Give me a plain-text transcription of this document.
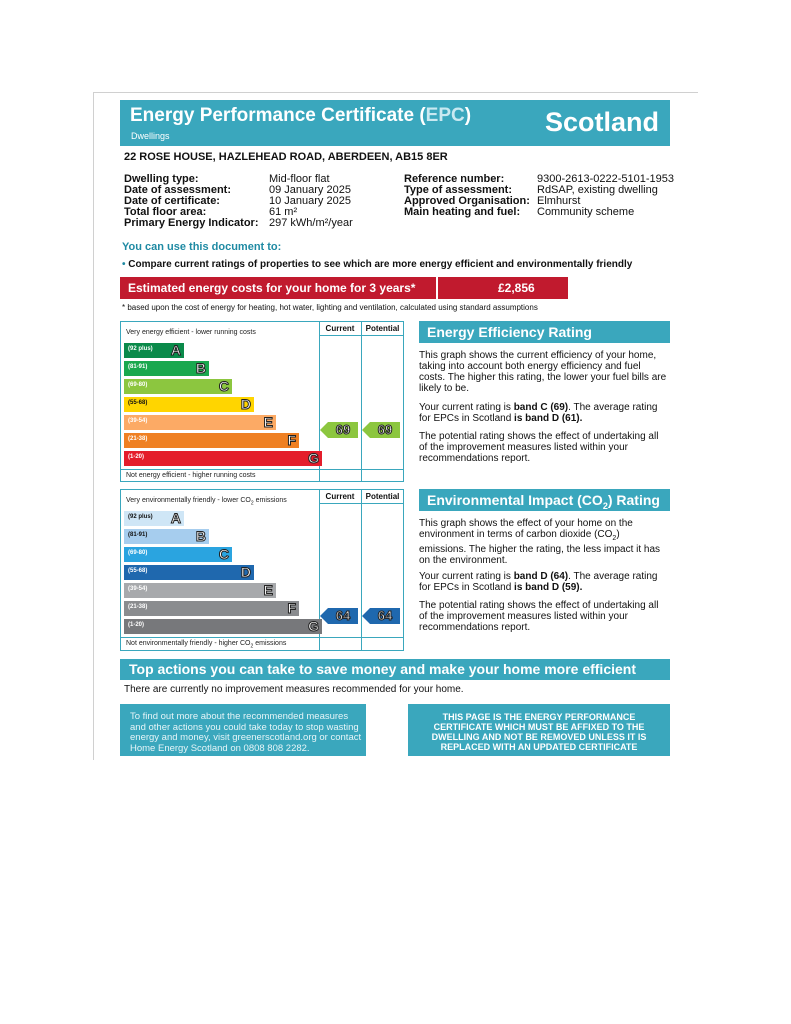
Energy Performance Certificate (EPC)
Dwellings	Scotland
22 ROSE HOUSE, HAZLEHEAD ROAD, ABERDEEN, AB15 8ER
Dwelling type:	Mid-floor flat
Date of assessment:	09 January 2025
Date of certificate:	10 January 2025
Total floor area:	61 m²
Primary Energy Indicator: 297 kWh/m²/year
Reference number:	9300-2613-0222-5101-1953
Type of assessment: RdSAP, existing dwelling
Approved Organisation: Elmhurst
Main heating and fuel: Community scheme
You can use this document to:
• Compare current ratings of properties to see which are more energy efficient and environmentally friendly
Estimated energy costs for your home for 3 years*	£2,856
* based upon the cost of energy for heating, hot water, lighting and ventilation, calculated using standard assumptions
Very energy efficient - lower running costs	Current	Potential
Not energy efficient - higher running costs
(92 plus) A
(81-91)	B
(69-80)	C
(55-68)	D
(39-54)	E
(21-38)	F
(1-20)	G
69	69
Very environmentally friendly - lower $CO_2$ emissions	Current	Potential
Not environmentally friendly - higher $CO_2$ emissions
(92 plus) A
(81-91)	B
(69-80)	C
(55-68)	D
(39-54)	E
(21-38)	F
(1-20)	G
64	64
Energy Efficiency Rating
This graph shows the current efficiency of your home, taking into account both energy efficiency and fuel costs. The higher this rating, the lower your fuel bills are likely to be.
Your current rating is band C (69). The average rating for EPCs in Scotland is band D (61).
The potential rating shows the effect of undertaking all of the improvement measures listed within your recommendations report.
Environmental Impact $(CO_2)$ Rating
This graph shows the effect of your home on the environment in terms of carbon dioxide $(CO_2)$ emissions. The higher the rating, the less impact it has on the environment.
Your current rating is band D (64). The average rating for EPCs in Scotland is band D (59).
The potential rating shows the effect of undertaking all of the improvement measures listed within your recommendations report.
Top actions you can take to save money and make your home more efficient
There are currently no improvement measures recommended for your home.
To find out more about the recommended measures and other actions you could take today to stop wasting energy and money, visit greenerscotland.org or contact Home Energy Scotland on 0808 808 2282.
THIS PAGE IS THE ENERGY PERFORMANCE CERTIFICATE WHICH MUST BE AFFIXED TO THE DWELLING AND NOT BE REMOVED UNLESS IT IS REPLACED WITH AN UPDATED CERTIFICATE
